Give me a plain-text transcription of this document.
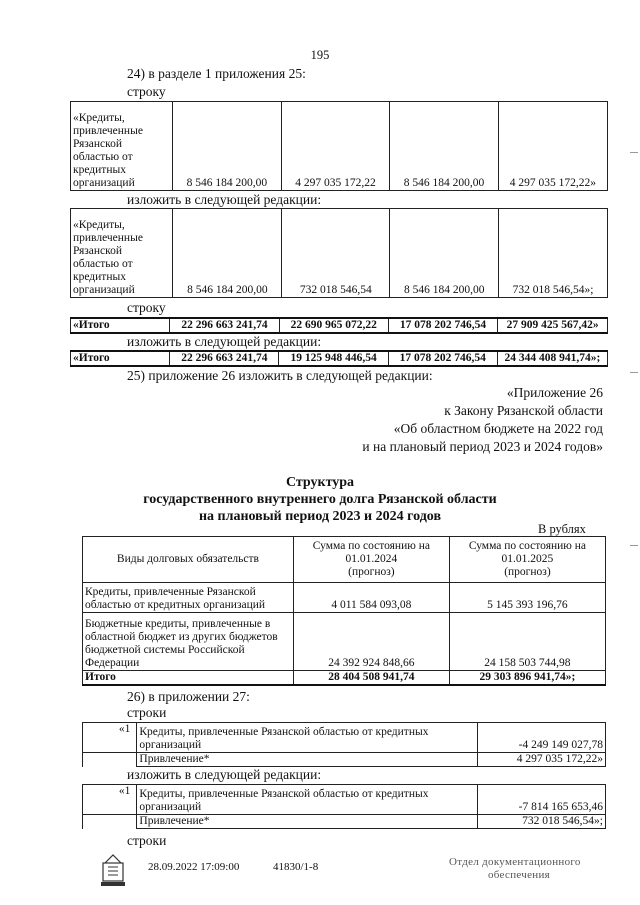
195
24) в разделе 1 приложения 25:
строку
«Кредиты,
привлеченные
Рязанской
областью от
кредитных
организаций	8 546 184 200,00	4 297 035 172,22	8 546 184 200,00	4 297 035 172,22»
изложить в следующей редакции:
«Кредиты,
привлеченные
Рязанской
областью от
кредитных
организаций	8 546 184 200,00	732 018 546,54	8 546 184 200,00	732 018 546,54»;
строку
«Итого	22 296 663 241,74	22 690 965 072,22	17 078 202 746,54	27 909 425 567,42»
изложить в следующей редакции:
«Итого	22 296 663 241,74	19 125 948 446,54	17 078 202 746,54	24 344 408 941,74»;
25) приложение 26 изложить в следующей редакции:
«Приложение 26
к Закону Рязанской области
«Об областном бюджете на 2022 год
и на плановый период 2023 и 2024 годов»
Структура
государственного внутреннего долга Рязанской области
на плановый период 2023 и 2024 годов
В рублях
Виды долговых обязательств	Сумма по состоянию на
01.01.2024
(прогноз)	Сумма по состоянию на
01.01.2025
(прогноз)
Кредиты, привлеченные Рязанской областью от кредитных организаций	4 011 584 093,08	5 145 393 196,76
Бюджетные кредиты, привлеченные в областной бюджет из других бюджетов бюджетной системы Российской Федерации	24 392 924 848,66	24 158 503 744,98
Итого	28 404 508 941,74	29 303 896 941,74»;
26) в приложении 27:
строки
«1	Кредиты, привлеченные Рязанской областью от кредитных организаций	-4 249 149 027,78
	Привлечение*	4 297 035 172,22»
изложить в следующей редакции:
«1	Кредиты, привлеченные Рязанской областью от кредитных организаций	-7 814 165 653,46
	Привлечение*	732 018 546,54»;
строки
28.09.2022 17:09:00	41830/1-8	Отдел документационного
обеспечения
